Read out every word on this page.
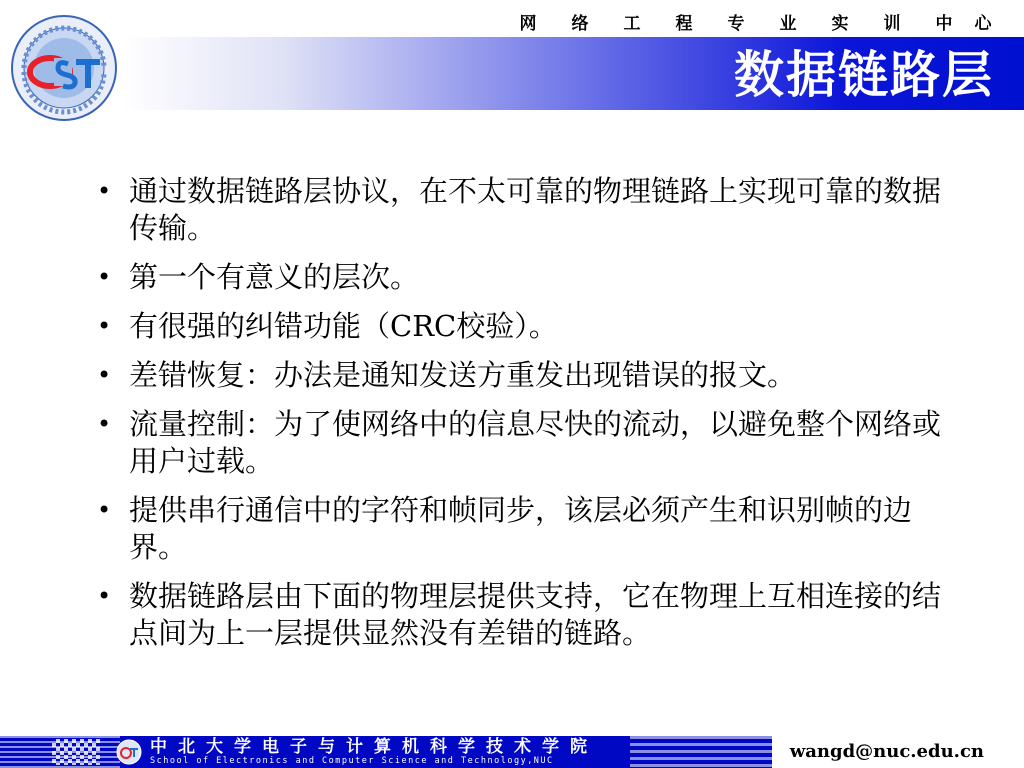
网	络	工	程	专	业	实	训	中	心
数据链路层
• 通过数据链路层协议，在不太可靠的物理链路上实现可靠的数据传输。
• 第一个有意义的层次。
• 有很强的纠错功能（CRC校验）。
• 差错恢复：办法是通知发送方重发出现错误的报文。
• 流量控制：为了使网络中的信息尽快的流动，以避免整个网络或用户过载。
• 提供串行通信中的字符和帧同步，该层必须产生和识别帧的边界。
• 数据链路层由下面的物理层提供支持，它在物理上互相连接的结点间为上一层提供显然没有差错的链路。
中北大学电子与计算机科学技术学院
School of Electronics and Computer Science and Technology,NUC	wangd@nuc.edu.cn
